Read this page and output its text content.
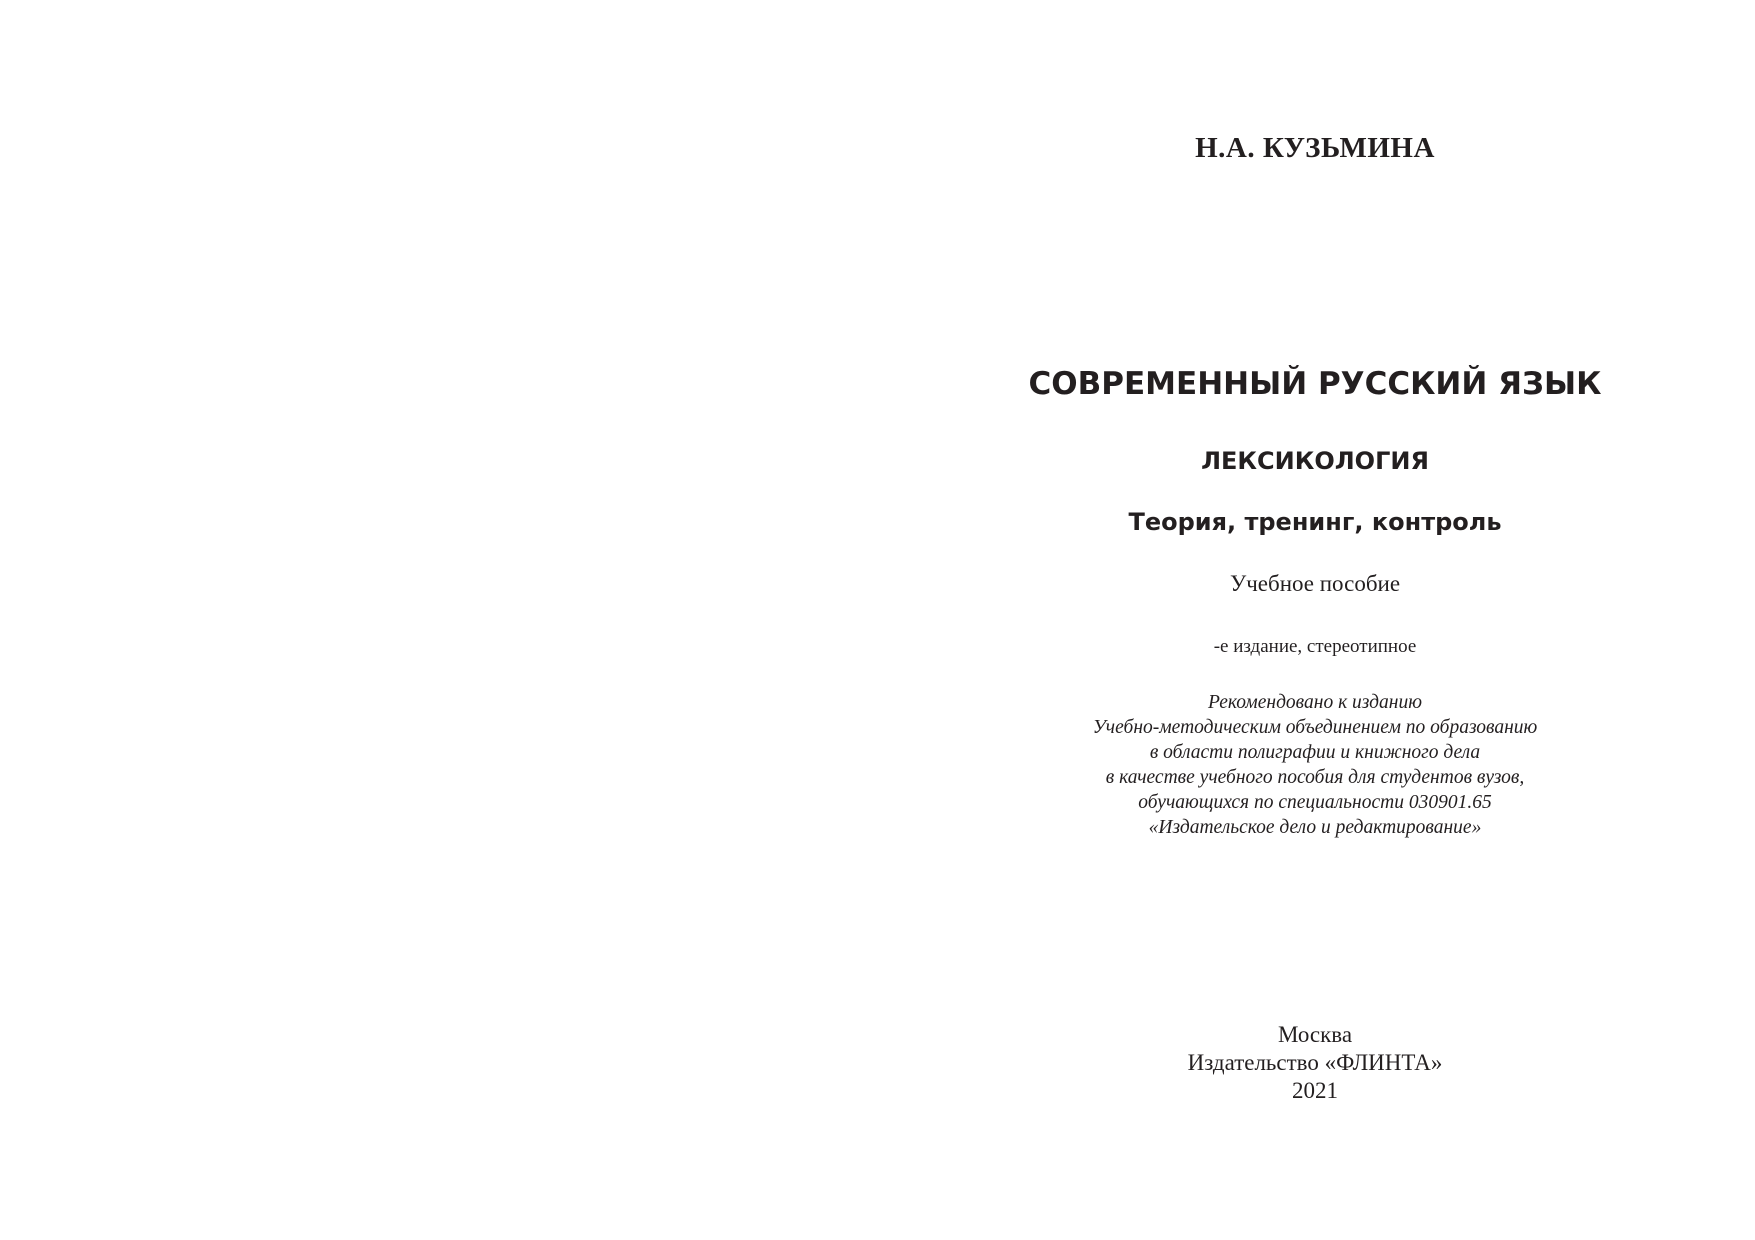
Н.А. КУЗЬМИНА

СОВРЕМЕННЫЙ РУССКИЙ ЯЗЫК

ЛЕКСИКОЛОГИЯ

Теория, тренинг, контроль

Учебное пособие

-е издание, стереотипное

Рекомендовано к изданию
Учебно-методическим объединением по образованию
в области полиграфии и книжного дела
в качестве учебного пособия для студентов вузов,
обучающихся по специальности 030901.65
«Издательское дело и редактирование»
Москва
Издательство «ФЛИНТА»
2021
